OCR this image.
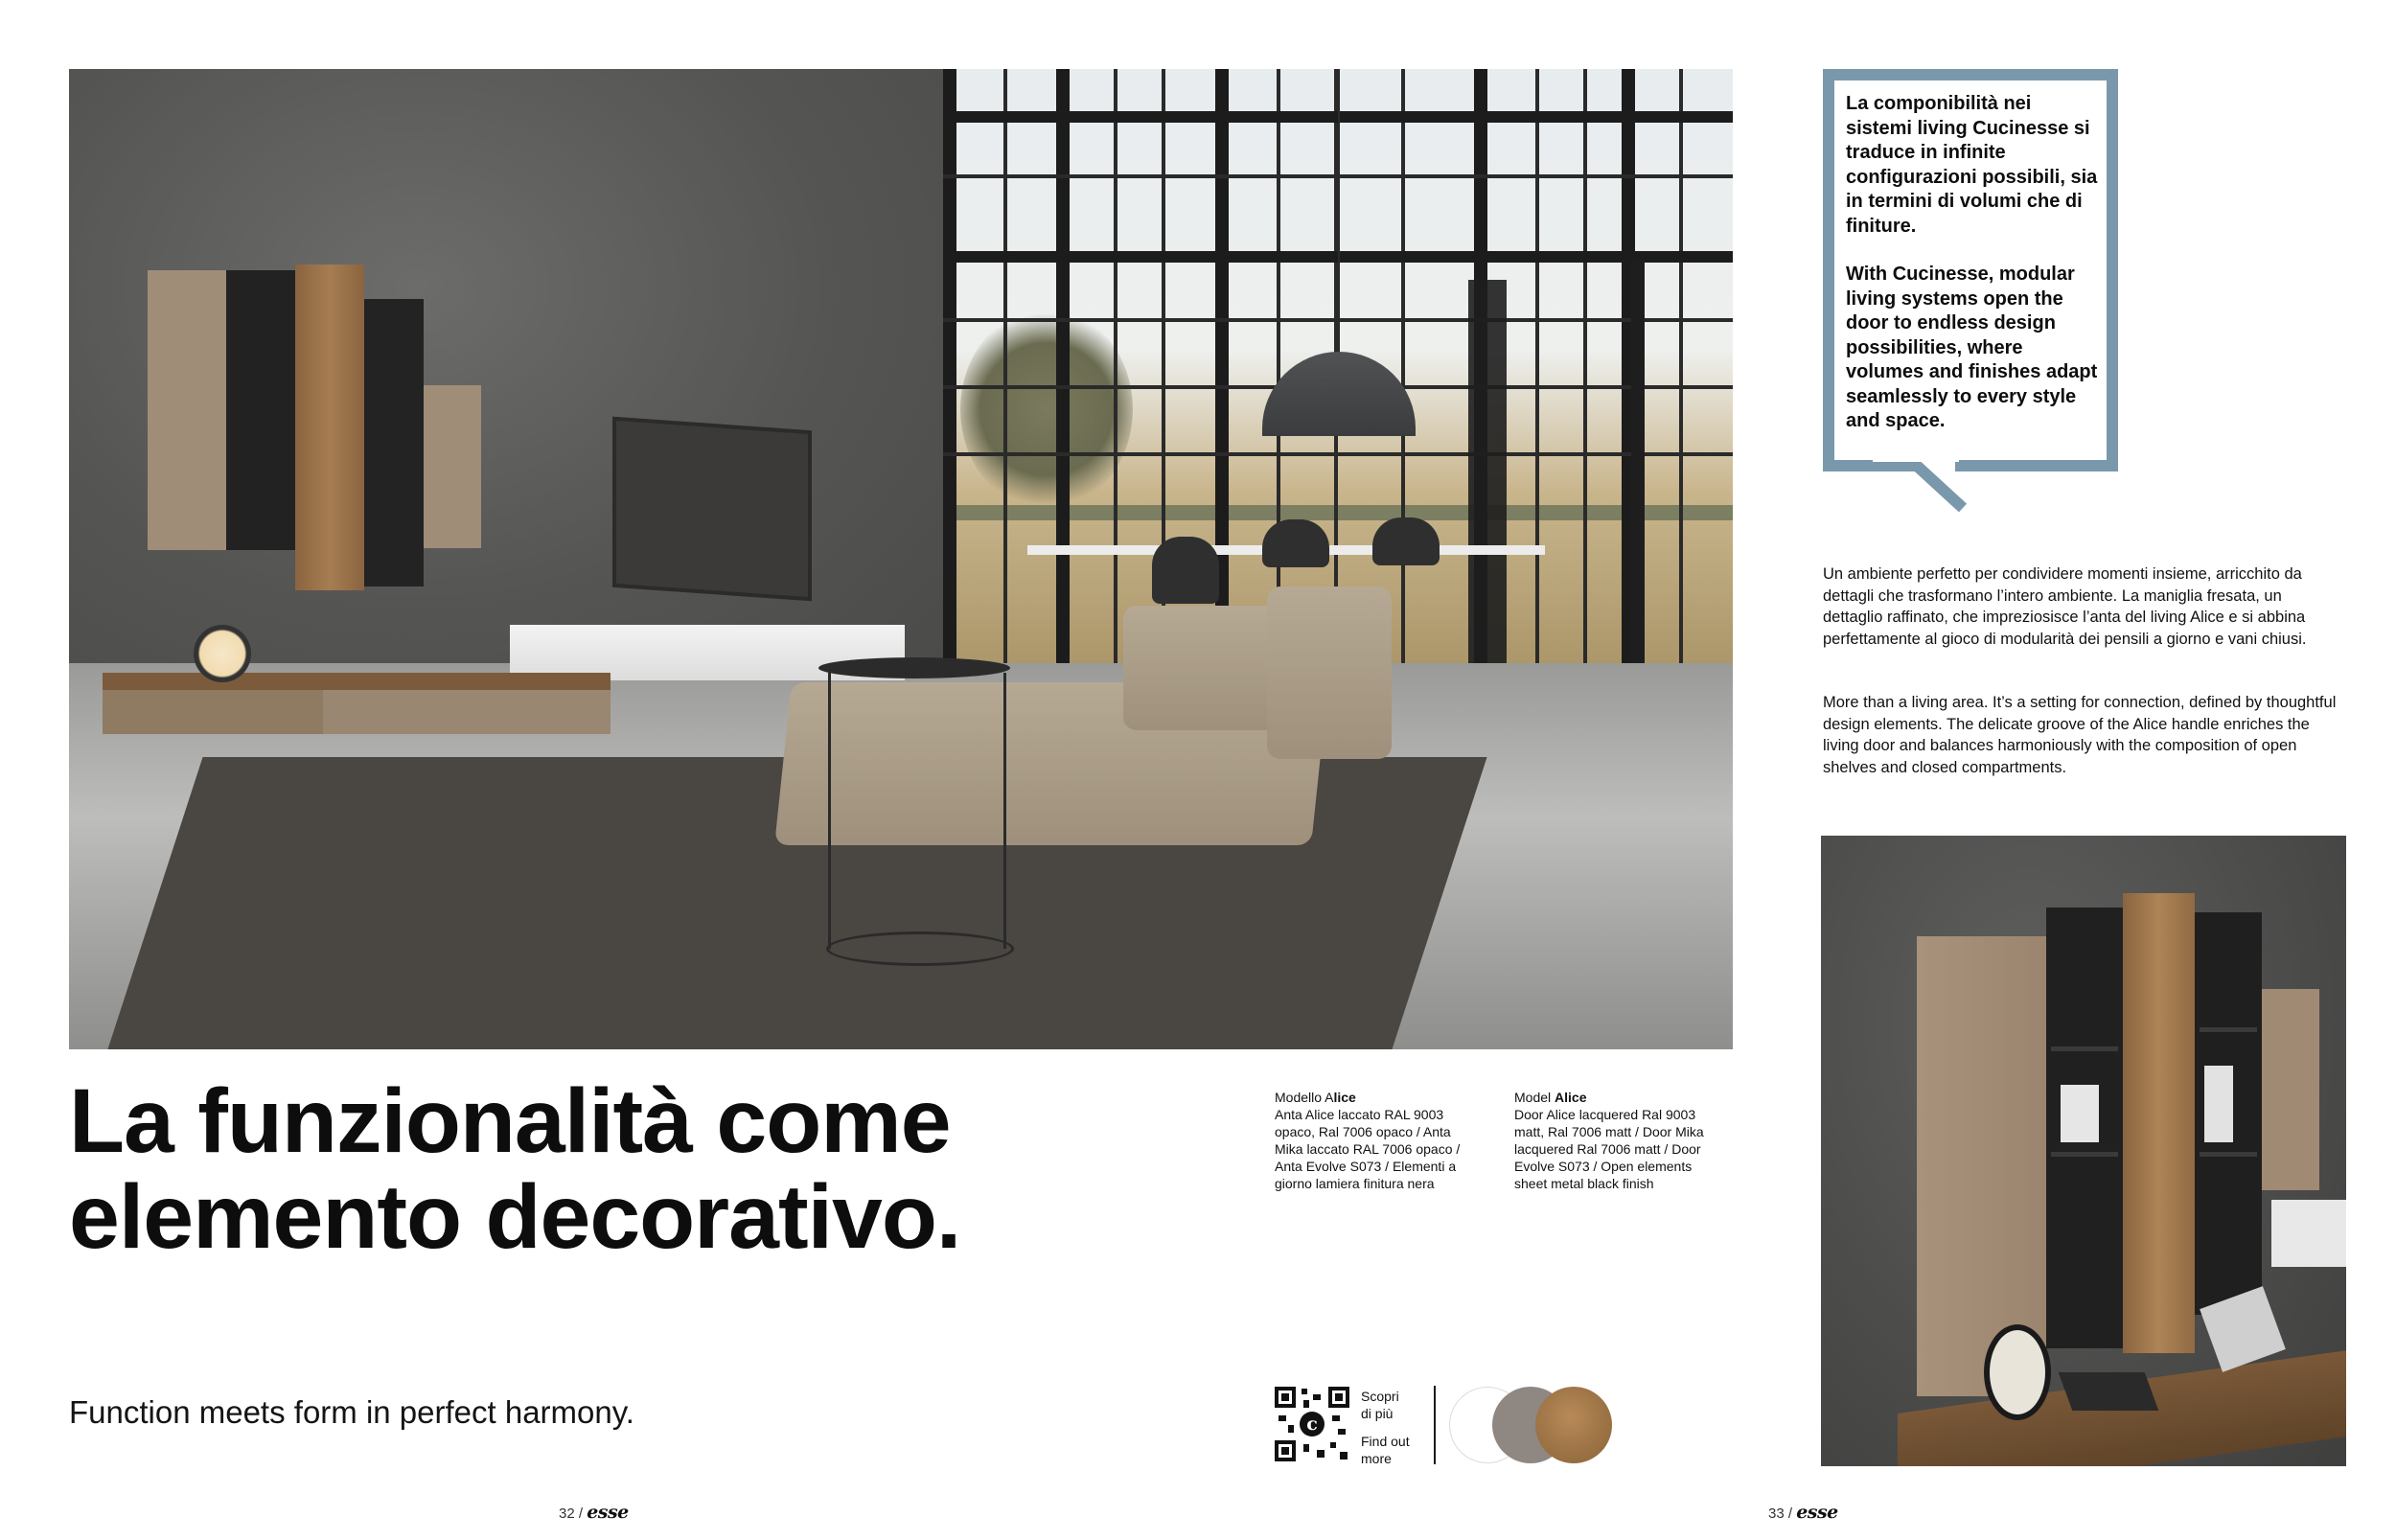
La funzionalità come elemento decorativo.

Function meets form in perfect harmony.

Modello Alice
Anta Alice laccato RAL 9003 opaco, Ral 7006 opaco / Anta Mika laccato RAL 7006 opaco / Anta Evolve S073 / Elementi a giorno lamiera finitura nera
Model Alice
Door Alice lacquered Ral 9003 matt, Ral 7006 matt / Door Mika lacquered Ral 7006 matt / Door Evolve S073 / Open elements sheet metal black finish
c
Scopri
di più
Find out
more
32 / esse	33 / esse

La componibilità nei sistemi living Cucinesse si traduce in infinite configurazioni possibili, sia in termini di volumi che di finiture.

With Cucinesse, modular living systems open the door to endless design possibilities, where volumes and finishes adapt seamlessly to every style and space.

Un ambiente perfetto per condividere momenti insieme, arricchito da dettagli che trasformano l’intero ambiente. La maniglia fresata, un dettaglio raffinato, che impreziosisce l’anta del living Alice e si abbina perfettamente al gioco di modularità dei pensili a giorno e vani chiusi.

More than a living area. It’s a setting for connection, defined by thoughtful design elements. The delicate groove of the Alice handle enriches the living door and balances harmoniously with the composition of open shelves and closed compartments.
